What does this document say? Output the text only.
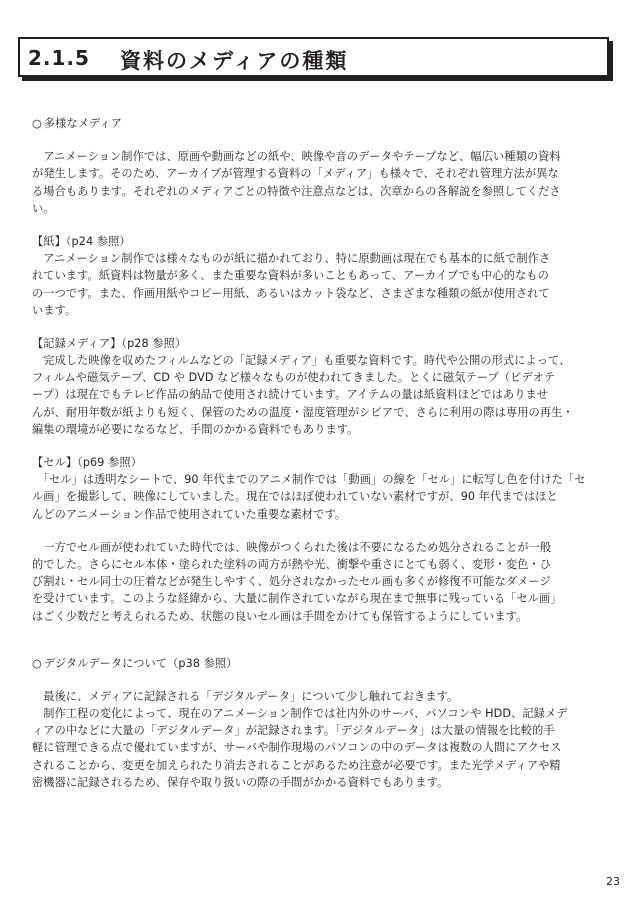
2.1.5 資料のメディアの種類
○ 多様なメディア
　アニメーション制作では、原画や動画などの紙や、映像や音のデータやテープなど、幅広い種類の資料
が発生します。そのため、アーカイブが管理する資料の「メディア」も様々で、それぞれ管理方法が異な
る場合もあります。それぞれのメディアごとの特徴や注意点などは、次章からの各解説を参照してくださ
い。
【紙】（p24 参照）
　アニメーション制作では様々なものが紙に描かれており、特に原動画は現在でも基本的に紙で制作さ
れています。紙資料は物量が多く、また重要な資料が多いこともあって、アーカイブでも中心的なもの
の一つです。また、作画用紙やコピー用紙、あるいはカット袋など、さまざまな種類の紙が使用されて
います。
【記録メディア】（p28 参照）
　完成した映像を収めたフィルムなどの「記録メディア」も重要な資料です。時代や公開の形式によって、
フィルムや磁気テープ、CD や DVD など様々なものが使われてきました。とくに磁気テープ（ビデオテ
ープ）は現在でもテレビ作品の納品で使用され続けています。アイテムの量は紙資料ほどではありませ
んが、耐用年数が紙よりも短く、保管のための温度・湿度管理がシビアで、さらに利用の際は専用の再生・
編集の環境が必要になるなど、手間のかかる資料でもあります。
【セル】（p69 参照）
　「セル」は透明なシートで、90 年代までのアニメ制作では「動画」の線を「セル」に転写し色を付けた「セ
ル画」を撮影して、映像にしていました。現在ではほぼ使われていない素材ですが、90 年代まではほと
んどのアニメーション作品で使用されていた重要な素材です。
　一方でセル画が使われていた時代では、映像がつくられた後は不要になるため処分されることが一般
的でした。さらにセル本体・塗られた塗料の両方が熱や光、衝撃や重さにとても弱く、変形・変色・ひ
び割れ・セル同士の圧着などが発生しやすく、処分されなかったセル画も多くが修復不可能なダメージ
を受けています。このような経緯から、大量に制作されていながら現在まで無事に残っている「セル画」
はごく少数だと考えられるため、状態の良いセル画は手間をかけても保管するようにしています。
○ デジタルデータについて（p38 参照）
　最後に、メディアに記録される「デジタルデータ」について少し触れておきます。
　制作工程の変化によって、現在のアニメーション制作では社内外のサーバ、パソコンや HDD、記録メデ
ィアの中などに大量の「デジタルデータ」が記録されます。「デジタルデータ」は大量の情報を比較的手
軽に管理できる点で優れていますが、サーバや制作現場のパソコンの中のデータは複数の人間にアクセス
されることから、変更を加えられたり消去されることがあるため注意が必要です。また光学メディアや精
密機器に記録されるため、保存や取り扱いの際の手間がかかる資料でもあります。
23
